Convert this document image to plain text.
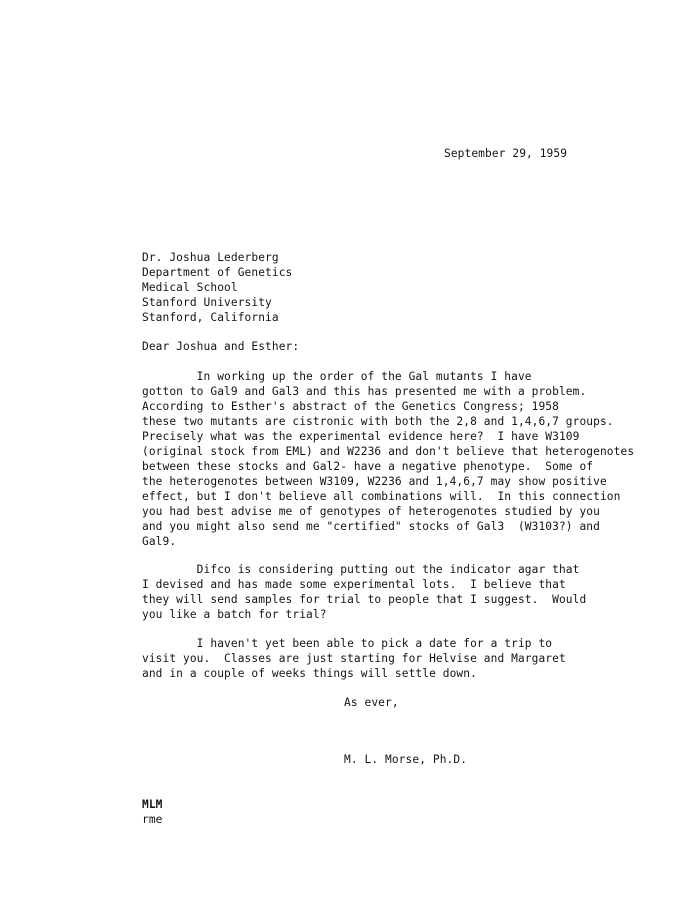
September 29, 1959
Dr. Joshua Lederberg
Department of Genetics
Medical School
Stanford University
Stanford, California
Dear Joshua and Esther:
In working up the order of the Gal mutants I have
gotton to Gal9 and Gal3 and this has presented me with a problem.
According to Esther's abstract of the Genetics Congress; 1958
these two mutants are cistronic with both the 2,8 and 1,4,6,7 groups.
Precisely what was the experimental evidence here?  I have W3109
(original stock from EML) and W2236 and don't believe that heterogenotes
between these stocks and Gal2- have a negative phenotype.  Some of
the heterogenotes between W3109, W2236 and 1,4,6,7 may show positive
effect, but I don't believe all combinations will.  In this connection
you had best advise me of genotypes of heterogenotes studied by you
and you might also send me "certified" stocks of Gal3  (W3103?) and
Gal9.
Difco is considering putting out the indicator agar that
I devised and has made some experimental lots.  I believe that
they will send samples for trial to people that I suggest.  Would
you like a batch for trial?
I haven't yet been able to pick a date for a trip to
visit you.  Classes are just starting for Helvise and Margaret
and in a couple of weeks things will settle down.
As ever,
M. L. Morse, Ph.D.
MLM
rme
